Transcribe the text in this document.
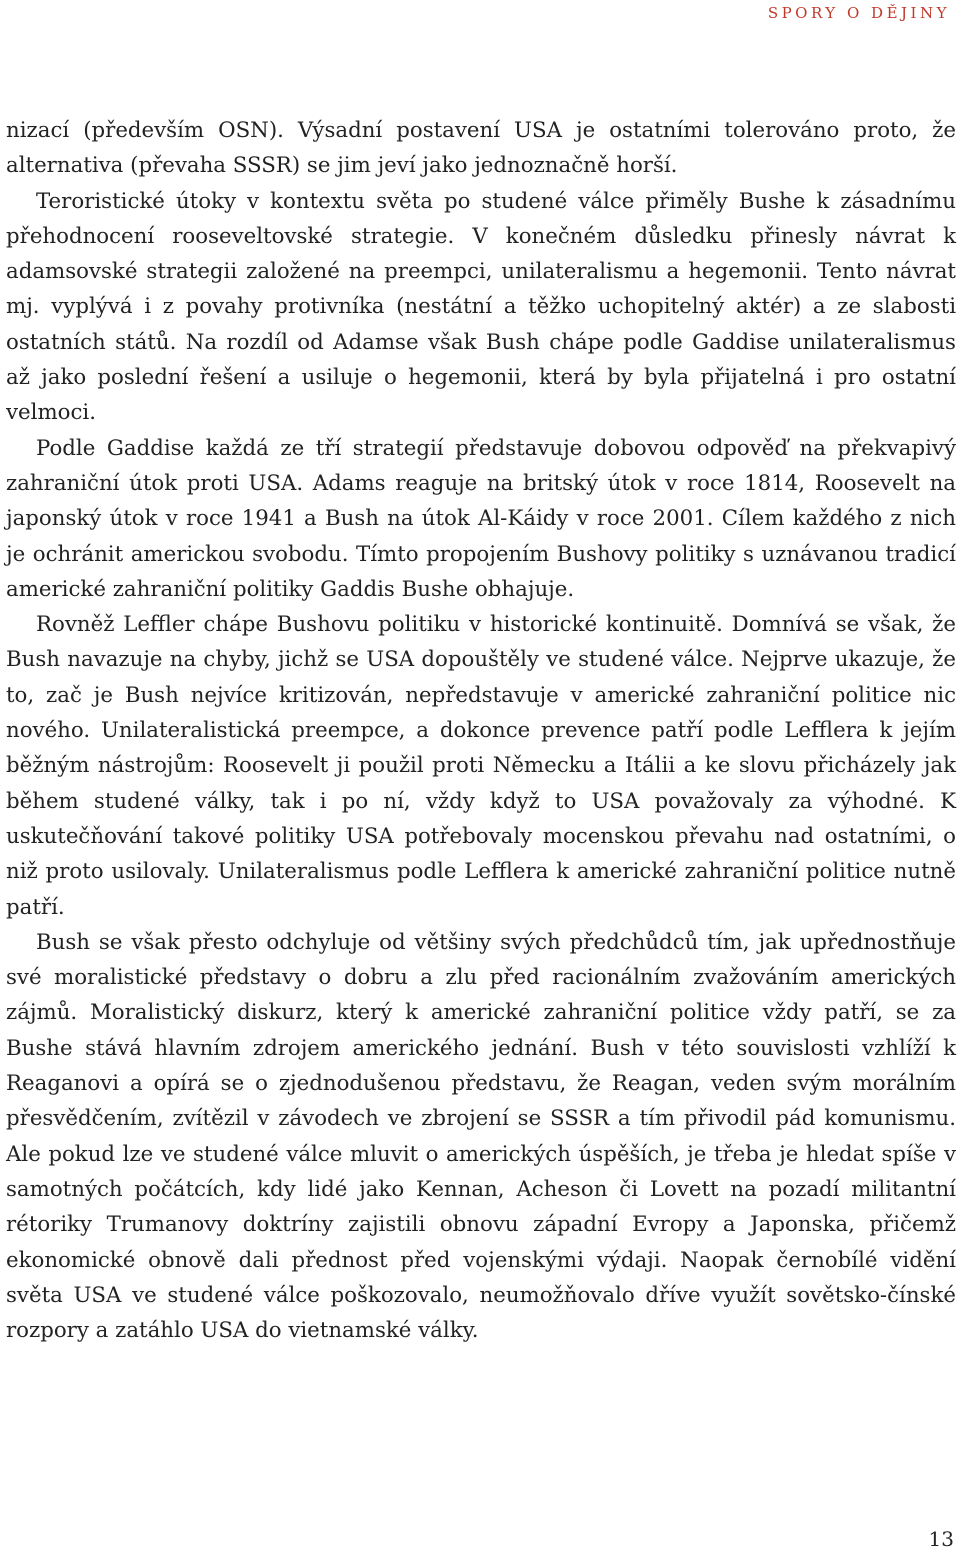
SPORY O DĚJINY

nizací (především OSN). Výsadní postavení USA je ostatními tolerováno proto, že alternativa (převaha SSSR) se jim jeví jako jednoznačně horší.

Teroristické útoky v kontextu světa po studené válce přiměly Bushe k zásadnímu přehodnocení rooseveltovské strategie. V konečném důsledku přinesly návrat k adamsovské strategii založené na preempci, unilateralismu a hegemonii. Tento návrat mj. vyplývá i z povahy protivníka (nestátní a těžko uchopitelný aktér) a ze slabosti ostatních států. Na rozdíl od Adamse však Bush chápe podle Gaddise unilateralismus až jako poslední řešení a usiluje o hegemonii, která by byla přijatelná i pro ostatní velmoci.

Podle Gaddise každá ze tří strategií představuje dobovou odpověď na překvapivý zahraniční útok proti USA. Adams reaguje na britský útok v roce 1814, Roosevelt na japonský útok v roce 1941 a Bush na útok Al-Káidy v roce 2001. Cílem každého z nich je ochránit americkou svobodu. Tímto propojením Bushovy politiky s uznávanou tradicí americké zahraniční politiky Gaddis Bushe obhajuje.

Rovněž Leffler chápe Bushovu politiku v historické kontinuitě. Domnívá se však, že Bush navazuje na chyby, jichž se USA dopouštěly ve studené válce. Nejprve ukazuje, že to, zač je Bush nejvíce kritizován, nepředstavuje v americké zahraniční politice nic nového. Unilateralistická preempce, a dokonce prevence patří podle Lefflera k jejím běžným nástrojům: Roosevelt ji použil proti Německu a Itálii a ke slovu přicházely jak během studené války, tak i po ní, vždy když to USA považovaly za výhodné. K uskutečňování takové politiky USA potřebovaly mocenskou převahu nad ostatními, o niž proto usilovaly. Unilateralismus podle Lefflera k americké zahraniční politice nutně patří.

Bush se však přesto odchyluje od většiny svých předchůdců tím, jak upřednostňuje své moralistické představy o dobru a zlu před racionálním zvažováním amerických zájmů. Moralistický diskurz, který k americké zahraniční politice vždy patří, se za Bushe stává hlavním zdrojem amerického jednání. Bush v této souvislosti vzhlíží k Reaganovi a opírá se o zjednodušenou představu, že Reagan, veden svým morálním přesvědčením, zvítězil v závodech ve zbrojení se SSSR a tím přivodil pád komunismu. Ale pokud lze ve studené válce mluvit o amerických úspěších, je třeba je hledat spíše v samotných počátcích, kdy lidé jako Kennan, Acheson či Lovett na pozadí militantní rétoriky Trumanovy doktríny zajistili obnovu západní Evropy a Japonska, přičemž ekonomické obnově dali přednost před vojenskými výdaji. Naopak černobílé vidění světa USA ve studené válce poškozovalo, neumožňovalo dříve využít sovětsko-čínské rozpory a zatáhlo USA do vietnamské války.

13
